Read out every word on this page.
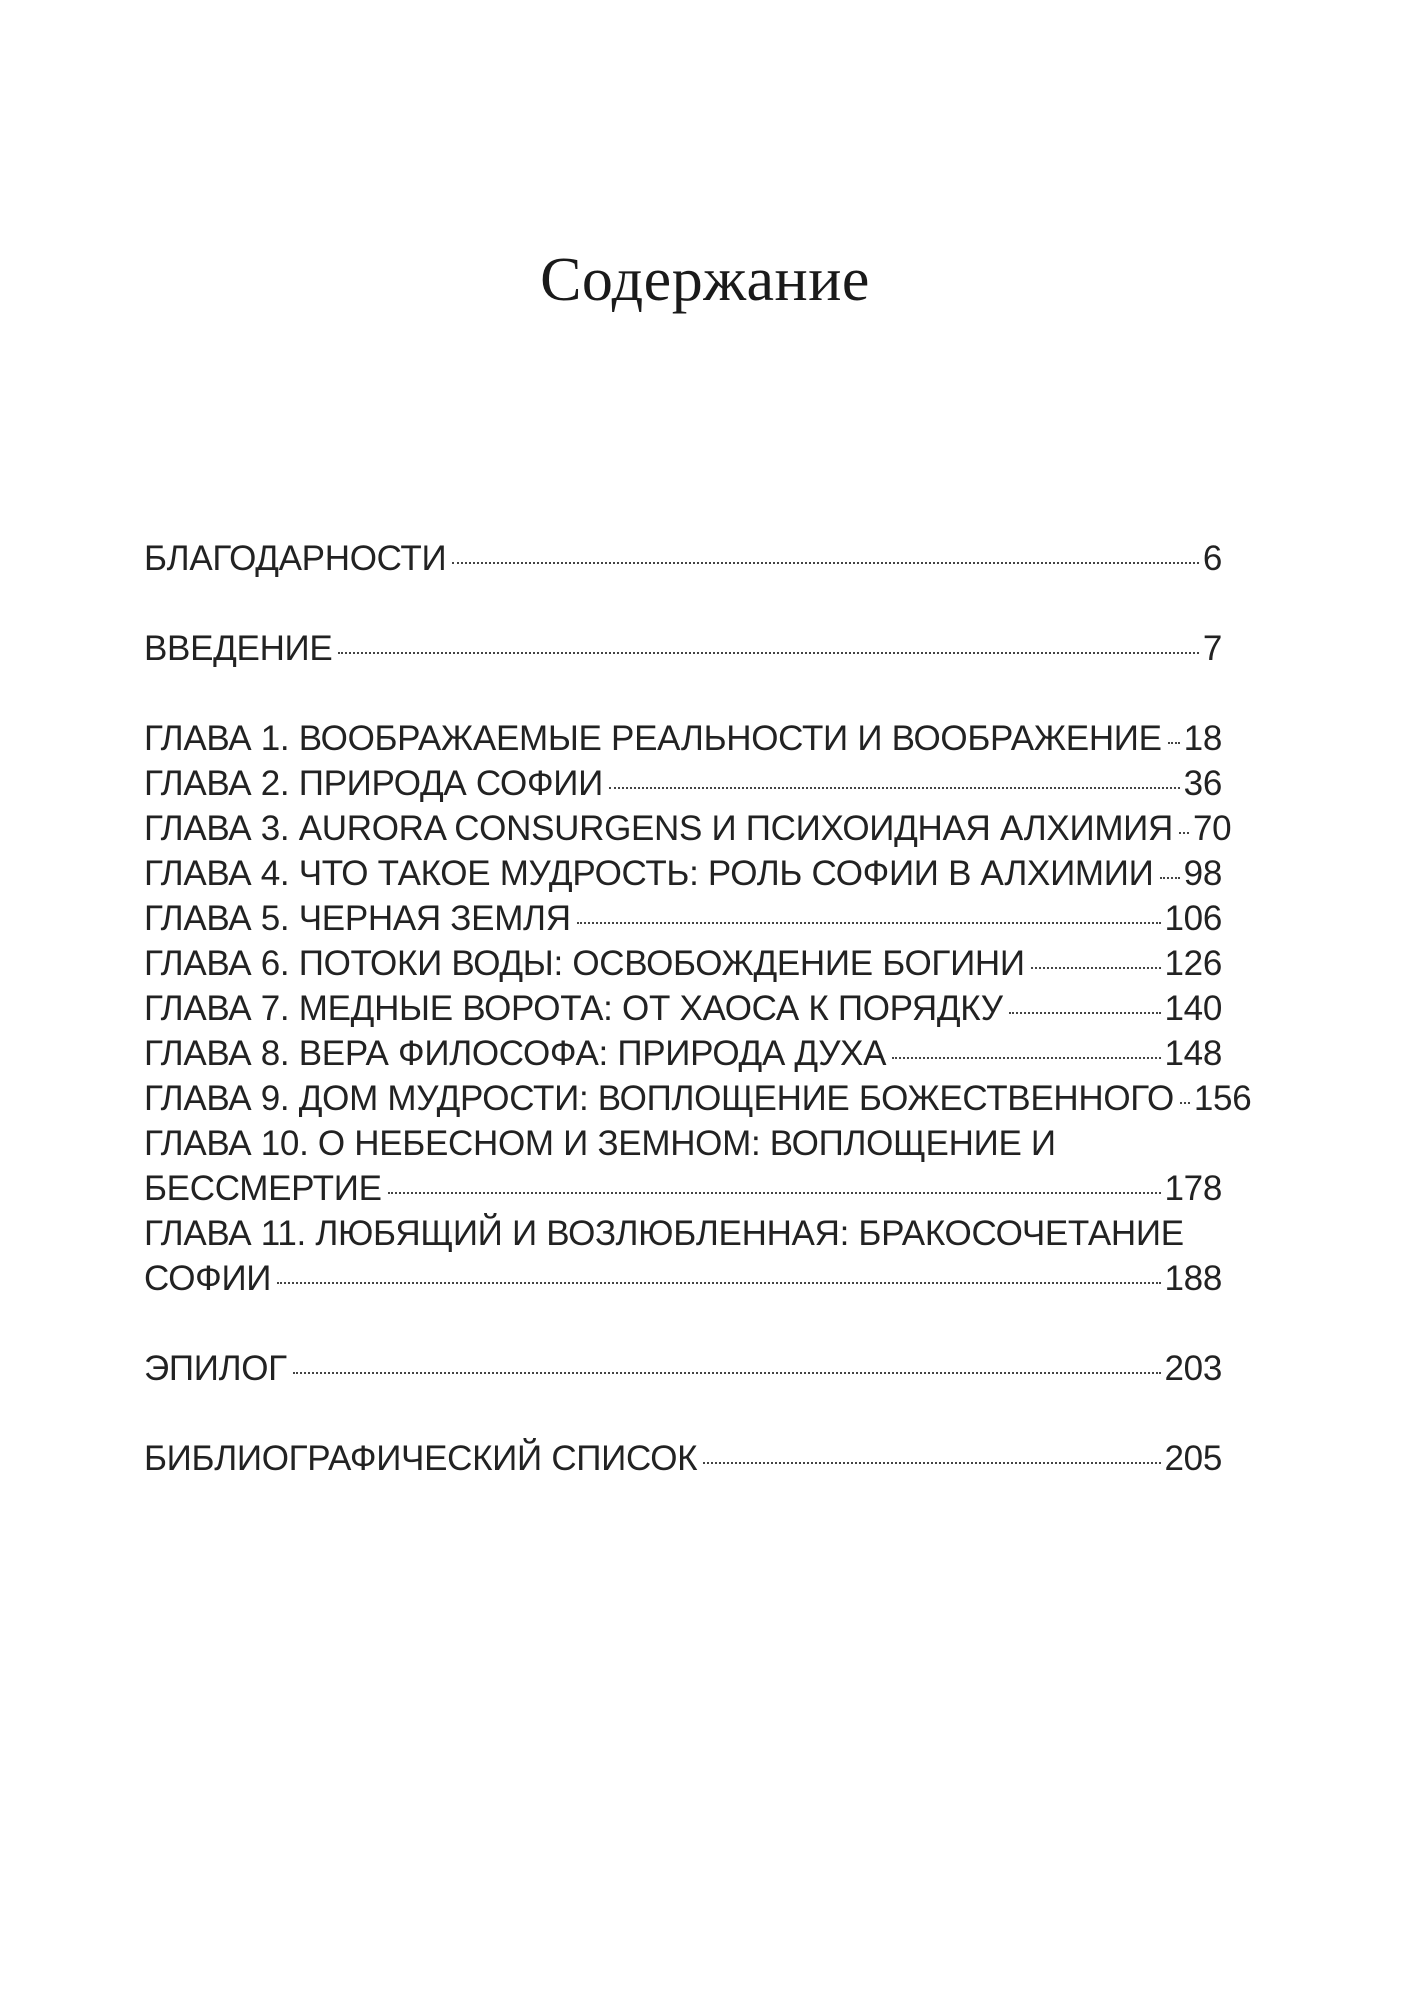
Содержание
БЛАГОДАРНОСТИ	6
ВВЕДЕНИЕ	7
ГЛАВА 1. ВООБРАЖАЕМЫЕ РЕАЛЬНОСТИ И ВООБРАЖЕНИЕ 18
ГЛАВА 2. ПРИРОДА СОФИИ	36
ГЛАВА 3. AURORA CONSURGENS И ПСИХОИДНАЯ АЛХИМИЯ 70
ГЛАВА 4. ЧТО ТАКОЕ МУДРОСТЬ: РОЛЬ СОФИИ В АЛХИМИИ 98
ГЛАВА 5. ЧЕРНАЯ ЗЕМЛЯ	106
ГЛАВА 6. ПОТОКИ ВОДЫ: ОСВОБОЖДЕНИЕ БОГИНИ	126
ГЛАВА 7. МЕДНЫЕ ВОРОТА: ОТ ХАОСА К ПОРЯДКУ	140
ГЛАВА 8. ВЕРА ФИЛОСОФА: ПРИРОДА ДУХА	148
ГЛАВА 9. ДОМ МУДРОСТИ: ВОПЛОЩЕНИЕ БОЖЕСТВЕННОГО 156
ГЛАВА 10. О НЕБЕСНОМ И ЗЕМНОМ: ВОПЛОЩЕНИЕ И
БЕССМЕРТИЕ	178
ГЛАВА 11. ЛЮБЯЩИЙ И ВОЗЛЮБЛЕННАЯ: БРАКОСОЧЕТАНИЕ
СОФИИ	188
ЭПИЛОГ	203
БИБЛИОГРАФИЧЕСКИЙ СПИСОК	205
